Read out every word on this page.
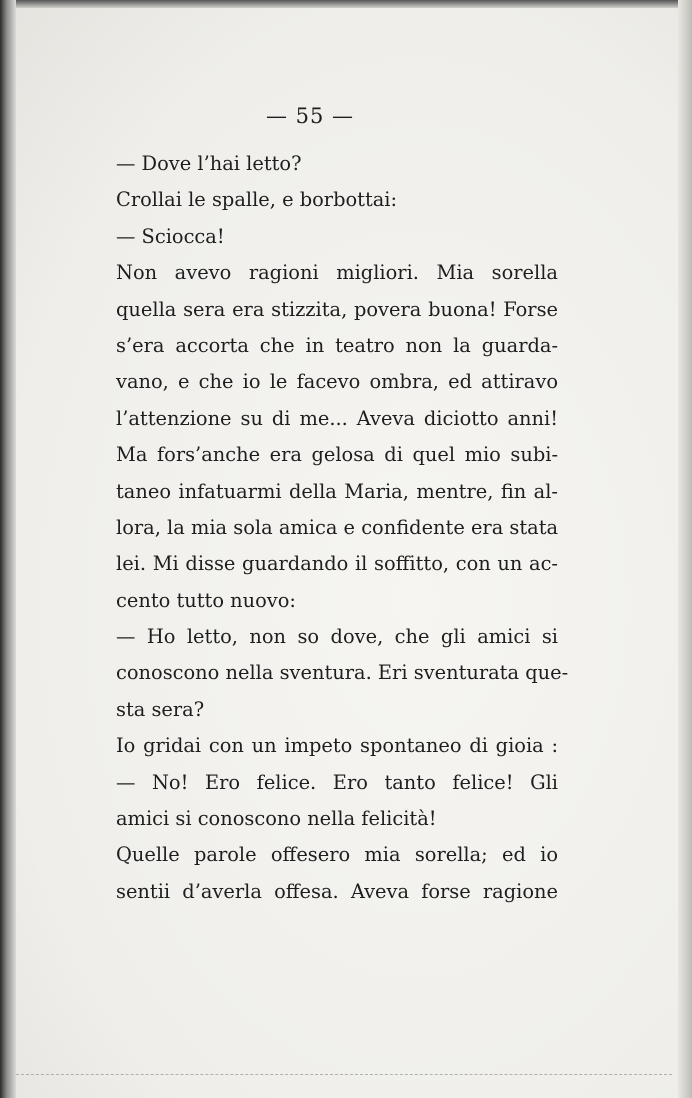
— 55 —
— Dove l’hai letto?
Crollai le spalle, e borbottai:
— Sciocca!
Non avevo ragioni migliori. Mia sorella
quella sera era stizzita, povera buona! Forse
s’era accorta che in teatro non la guarda-
vano, e che io le facevo ombra, ed attiravo
l’attenzione su di me... Aveva diciotto anni!
Ma fors’anche era gelosa di quel mio subi-
taneo infatuarmi della Maria, mentre, fin al-
lora, la mia sola amica e confidente era stata
lei. Mi disse guardando il soffitto, con un ac-
cento tutto nuovo:
— Ho letto, non so dove, che gli amici si
conoscono nella sventura. Eri sventurata que-
sta sera?
Io gridai con un impeto spontaneo di gioia :
— No! Ero felice. Ero tanto felice! Gli
amici si conoscono nella felicità!
Quelle parole offesero mia sorella; ed io
sentii d’averla offesa. Aveva forse ragione
